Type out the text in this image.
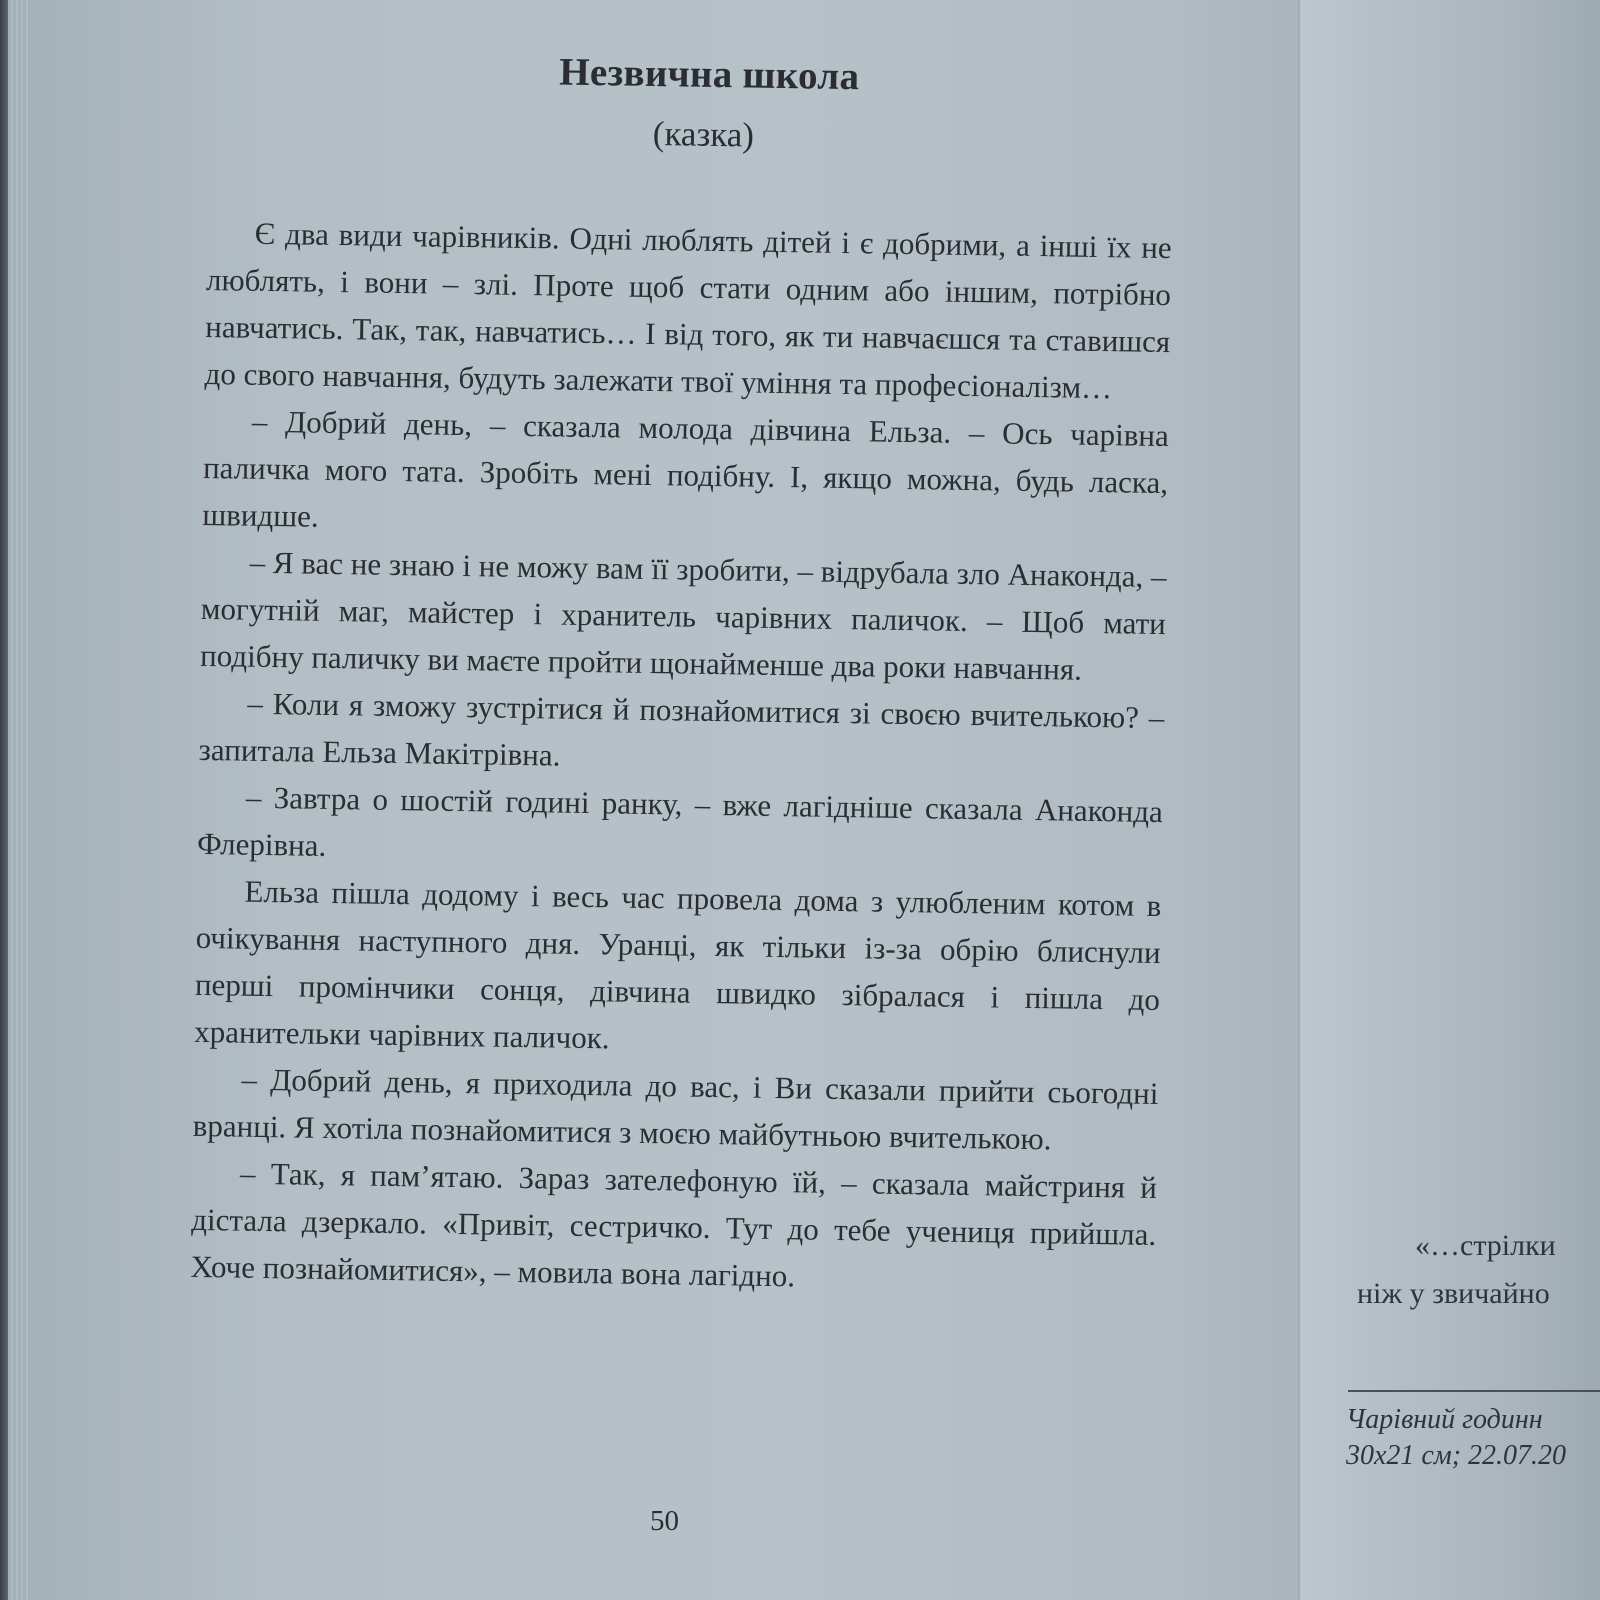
Незвична школа
(казка)

Є два види чарівників. Одні люблять дітей і є добрими, а інші їх не люблять, і вони – злі. Проте щоб стати одним або іншим, потрібно навчатись. Так, так, навчатись… І від того, як ти навчаєшся та ставишся до свого навчання, будуть залежати твої уміння та професіоналізм…

– Добрий день, – сказала молода дівчина Ельза. – Ось чарівна паличка мого тата. Зробіть мені подібну. І, якщо можна, будь ласка, швидше.

– Я вас не знаю і не можу вам її зробити, – відрубала зло Анаконда, – могутній маг, майстер і хранитель чарівних паличок. – Щоб мати подібну паличку ви маєте пройти щонайменше два роки навчання.

– Коли я зможу зустрітися й познайомитися зі своєю вчителькою? – запитала Ельза Макітрівна.

– Завтра о шостій годині ранку, – вже лагідніше сказала Анаконда Флерівна.

Ельза пішла додому і весь час провела дома з улюбленим котом в очікування наступного дня. Уранці, як тільки із-за обрію блиснули перші промінчики сонця, дівчина швидко зібралася і пішла до хранительки чарівних паличок.

– Добрий день, я приходила до вас, і Ви сказали прийти сьогодні вранці. Я хотіла познайомитися з моєю майбутньою вчителькою.

– Так, я пам’ятаю. Зараз зателефоную їй, – сказала майстриня й дістала дзеркало. «Привіт, сестричко. Тут до тебе учениця прийшла. Хоче познайомитися», – мовила вона лагідно.

50
«…стрілки
ніж у звичайно
Чарівний годинн
30х21 см; 22.07.20
